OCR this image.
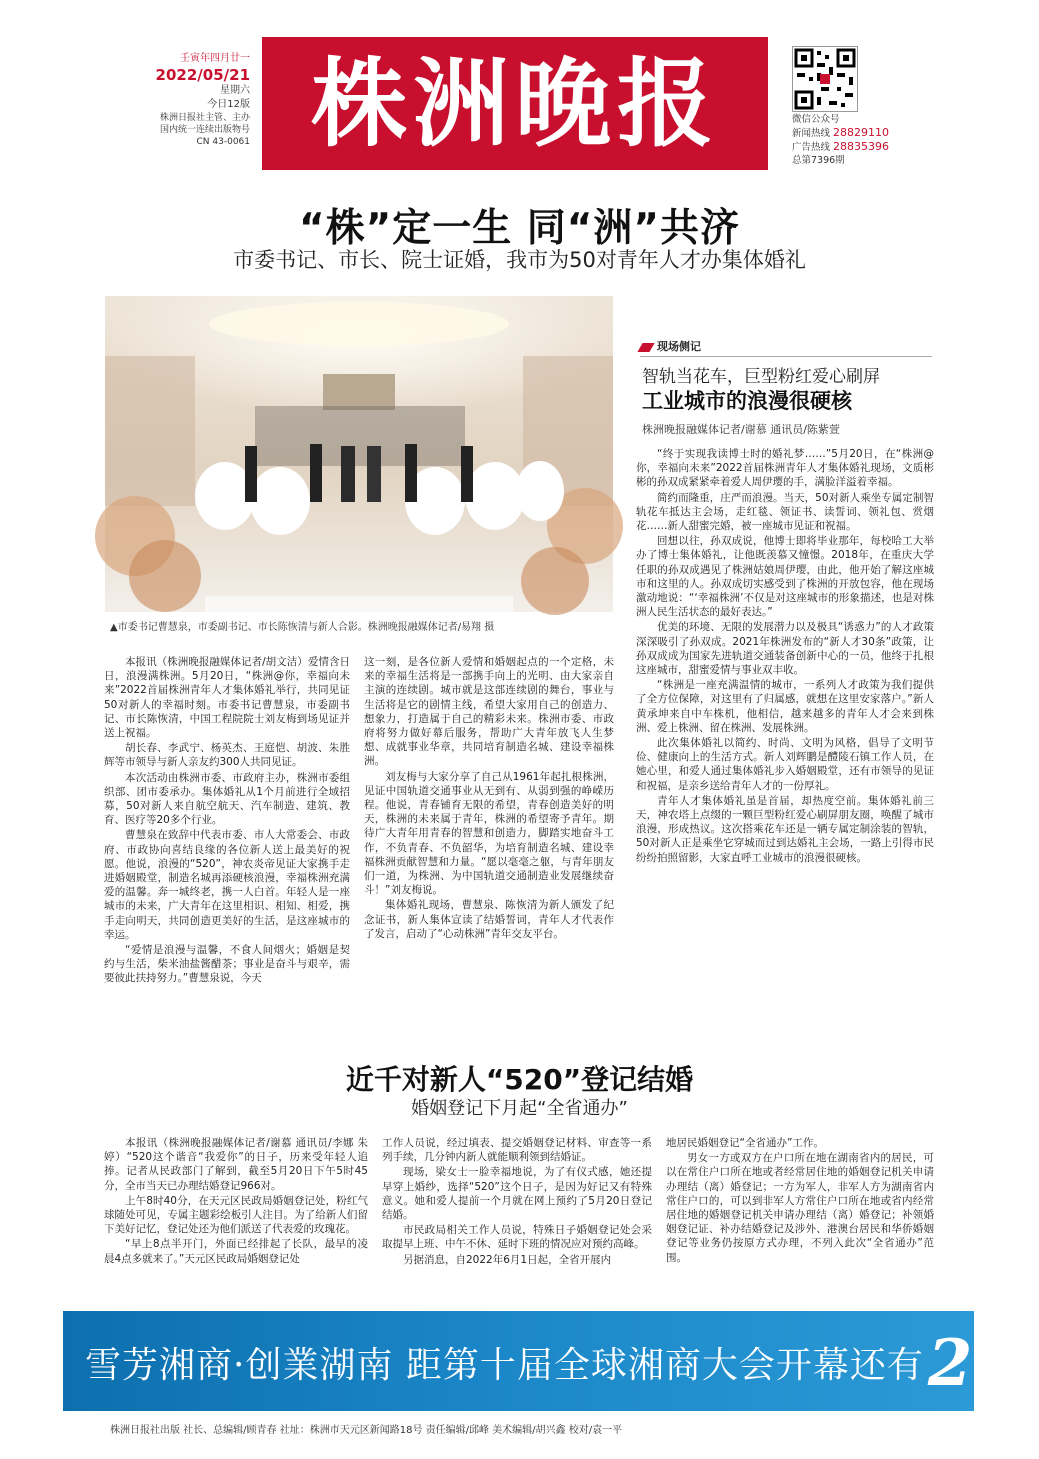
壬寅年四月廿一
2022/05/21
星期六
今日12版
株洲日报社主管、主办
国内统一连续出版物号
CN 43-0061 株洲晚报	微信公众号
新闻热线 28829110
广告热线 28835396
总第7396期
“株”定一生 同“洲”共济
市委书记、市长、院士证婚，我市为50对青年人才办集体婚礼
▲市委书记曹慧泉，市委副书记、市长陈恢清与新人合影。株洲晚报融媒体记者/易翔 摄
现场侧记
智轨当花车，巨型粉红爱心刷屏
工业城市的浪漫很硬核
株洲晚报融媒体记者/谢慕 通讯员/陈紫萱

“终于实现我读博士时的婚礼梦……”5月20日，在“株洲@你，幸福向未来”2022首届株洲青年人才集体婚礼现场，文质彬彬的孙双成紧紧牵着爱人周伊璎的手，满脸洋溢着幸福。

简约而隆重，庄严而浪漫。当天，50对新人乘坐专属定制智轨花车抵达主会场，走红毯、领证书、读誓词、领礼包、赏烟花……新人甜蜜完婚，被一座城市见证和祝福。

回想以往，孙双成说，他博士即将毕业那年，每校哈工大举办了博士集体婚礼，让他既羡慕又憧憬。2018年，在重庆大学任职的孙双成遇见了株洲姑娘周伊璎，由此，他开始了解这座城市和这里的人。孙双成切实感受到了株洲的开放包容，他在现场激动地说：“‘幸福株洲’不仅是对这座城市的形象描述，也是对株洲人民生活状态的最好表达。”

优美的环境、无限的发展潜力以及极具“诱惑力”的人才政策深深吸引了孙双成。2021年株洲发布的“新人才30条”政策，让孙双成成为国家先进轨道交通装备创新中心的一员，他终于扎根这座城市，甜蜜爱情与事业双丰收。

“株洲是一座充满温情的城市，一系列人才政策为我们提供了全方位保障，对这里有了归属感，就想在这里安家落户。”新人黄承坤来自中车株机，他相信，越来越多的青年人才会来到株洲、爱上株洲、留在株洲、发展株洲。

此次集体婚礼以简约、时尚、文明为风格，倡导了文明节俭、健康向上的生活方式。新人刘辉鹏是醴陵石镇工作人员，在她心里，和爱人通过集体婚礼步入婚姻殿堂，还有市领导的见证和祝福，是亲乡送给青年人才的一份厚礼。

青年人才集体婚礼虽是首届，却热度空前。集体婚礼前三天，神农塔上点缀的一颗巨型粉红爱心刷屏朋友圈，唤醒了城市浪漫，形成热议。这次搭乘花车还是一辆专属定制涂装的智轨，50对新人正是乘坐它穿城而过到达婚礼主会场，一路上引得市民纷纷拍照留影，大家直呼工业城市的浪漫很硬核。

本报讯（株洲晚报融媒体记者/胡文洁）爱情含日日，浪漫满株洲。5月20日，“株洲@你，幸福向未来”2022首届株洲青年人才集体婚礼举行，共同见证50对新人的幸福时刻。市委书记曹慧泉，市委副书记、市长陈恢清，中国工程院院士刘友梅到场见证并送上祝福。

胡长春、李武宁、杨英杰、王庭恺、胡波、朱胜辉等市领导与新人亲友约300人共同见证。

本次活动由株洲市委、市政府主办，株洲市委组织部、团市委承办。集体婚礼从1个月前进行全域招募，50对新人来自航空航天、汽车制造、建筑、教育、医疗等20多个行业。

曹慧泉在致辞中代表市委、市人大常委会、市政府、市政协向喜结良缘的各位新人送上最美好的祝愿。他说，浪漫的“520”，神农炎帝见证大家携手走进婚姻殿堂，制造名城再添硬核浪漫，幸福株洲充满爱的温馨。奔一城终老，携一人白首。年轻人是一座城市的未来，广大青年在这里相识、相知、相爱，携手走向明天，共同创造更美好的生活，是这座城市的幸运。

“爱情是浪漫与温馨，不食人间烟火；婚姻是契约与生活，柴米油盐酱醋茶；事业是奋斗与艰辛，需要彼此扶持努力。”曹慧泉说，今天

这一刻，是各位新人爱情和婚姻起点的一个定格，未来的幸福生活将是一部携手向上的光明、由大家亲自主演的连续剧。城市就是这部连续剧的舞台，事业与生活将是它的剧情主线，希望大家用自己的创造力、想象力，打造属于自己的精彩未来。株洲市委、市政府将努力做好幕后服务，帮助广大青年放飞人生梦想、成就事业华章，共同培育制造名城、建设幸福株洲。

刘友梅与大家分享了自己从1961年起扎根株洲，见证中国轨道交通事业从无到有、从弱到强的峥嵘历程。他说，青春铺育无限的希望，青春创造美好的明天，株洲的未来属于青年，株洲的希望寄予青年。期待广大青年用青春的智慧和创造力，脚踏实地奋斗工作，不负青春、不负韶华，为培育制造名城、建设幸福株洲贡献智慧和力量。“愿以毫毫之躯，与青年朋友们一道，为株洲、为中国轨道交通制造业发展继续奋斗！”刘友梅说。

集体婚礼现场，曹慧泉、陈恢清为新人颁发了纪念证书，新人集体宣读了结婚誓词，青年人才代表作了发言，启动了“心动株洲”青年交友平台。

近千对新人“520”登记结婚
婚姻登记下月起“全省通办”

本报讯（株洲晚报融媒体记者/谢慕 通讯员/李娜 朱婷）“520这个谐音“我爱你”的日子，历来受年轻人追捧。记者从民政部门了解到，截至5月20日下午5时45分，全市当天已办理结婚登记966对。

上午8时40分，在天元区民政局婚姻登记处，粉红气球随处可见，专属主题彩绘板引人注目。为了给新人们留下美好记忆，登记处还为他们派送了代表爱的玫瑰花。

“早上8点半开门，外面已经排起了长队，最早的凌晨4点多就来了。”天元区民政局婚姻登记处

工作人员说，经过填表、提交婚姻登记材料、审查等一系列手续，几分钟内新人就能顺利领到结婚证。

现场，梁女士一脸幸福地说，为了有仪式感，她还提早穿上婚纱，选择“520”这个日子，是因为好记又有特殊意义。她和爱人提前一个月就在网上预约了5月20日登记结婚。

市民政局相关工作人员说，特殊日子婚姻登记处会采取提早上班、中午不休、延时下班的情况应对预约高峰。

另据消息，自2022年6月1日起，全省开展内

地居民婚姻登记“全省通办”工作。

男女一方或双方在户口所在地在湖南省内的居民，可以在常住户口所在地或者经常居住地的婚姻登记机关申请办理结（离）婚登记；一方为军人，非军人方为湖南省内常住户口的，可以到非军人方常住户口所在地或省内经常居住地的婚姻登记机关申请办理结（离）婚登记；补领婚姻登记证、补办结婚登记及涉外、港澳台居民和华侨婚姻登记等业务仍按原方式办理，不列入此次“全省通办”范围。

雪芳湘商·创業湖南 距第十届全球湘商大会开幕还有2 天
株洲日报社出版 社长、总编辑/顾青春 社址：株洲市天元区新闻路18号 责任编辑/邱峰 美术编辑/胡兴鑫 校对/袁一平
